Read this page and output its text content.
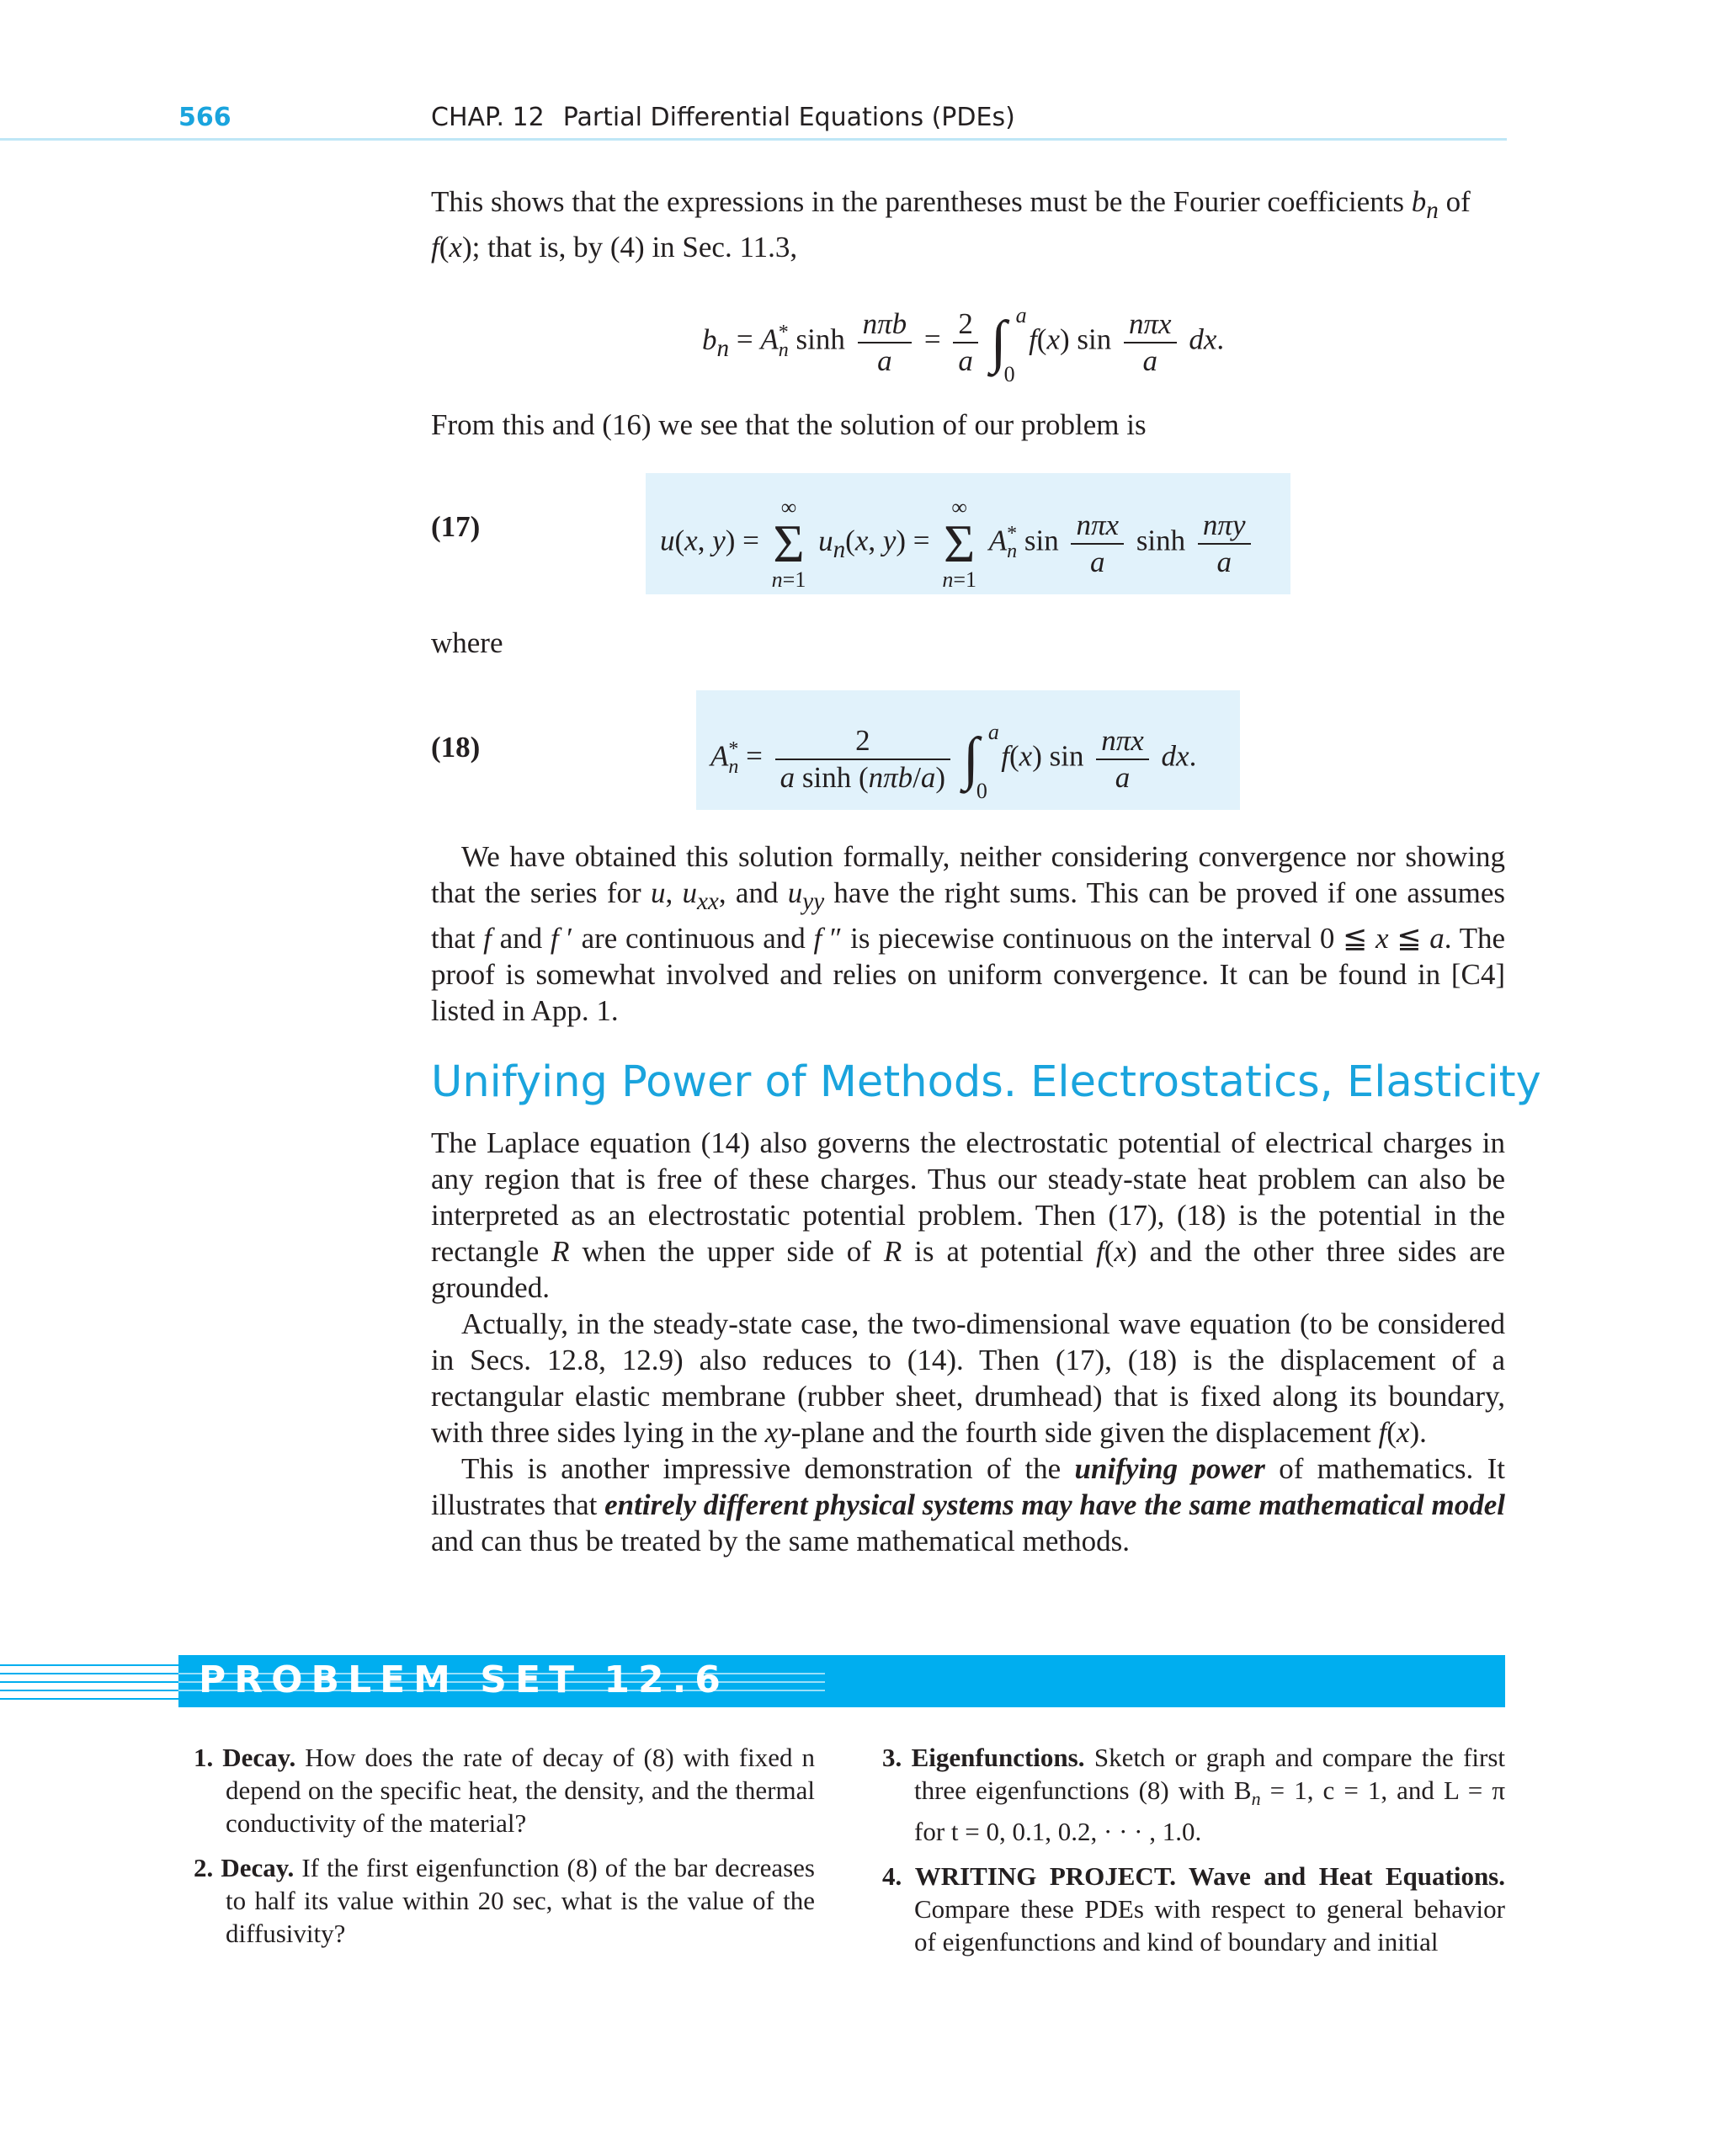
566	CHAP. 12 Partial Differential Equations (PDEs)

This shows that the expressions in the parentheses must be the Fourier coefficients $b_n$ of
f(x); that is, by (4) in Sec. 11.3,

$b_n = A^*_n$ $\sinh \frac{\text{nπb}}{a} = \frac{2}{a}$ ∫ a
0
f(x) $\sin \frac{\text{nπx}}{a}$ dx.
From this and (16) we see that the solution of our problem is
(17)	u(x, y) =
∞
Σ
n=1
$u_n(x$, y) =
∞
Σ
n=1
$A^*_n$ $\sin \frac{\text{nπx}}{a}$ $\sinh \frac{\text{nπy}}{a}$
where
(18)	$A^*_n = \frac{2}{\text{a sinh (nπb/a)}}$ ∫ a
0
f(x) $\sin \frac{\text{nπx}}{a}$ dx.

We have obtained this solution formally, neither considering convergence nor showing that the series for u, $u_{xx}$, and $u_{yy}$ have the right sums. This can be proved if one assumes that f and f ′ are continuous and f ″ is piecewise continuous on the interval 0 ≦ x ≦ a. The proof is somewhat involved and relies on uniform convergence. It can be found in [C4] listed in App. 1.

Unifying Power of Methods. Electrostatics, Elasticity

The Laplace equation (14) also governs the electrostatic potential of electrical charges in any region that is free of these charges. Thus our steady-state heat problem can also be interpreted as an electrostatic potential problem. Then (17), (18) is the potential in the rectangle R when the upper side of R is at potential f(x) and the other three sides are grounded.

Actually, in the steady-state case, the two-dimensional wave equation (to be considered in Secs. 12.8, 12.9) also reduces to (14). Then (17), (18) is the displacement of a rectangular elastic membrane (rubber sheet, drumhead) that is fixed along its boundary, with three sides lying in the xy-plane and the fourth side given the displacement f(x).

This is another impressive demonstration of the unifying power of mathematics. It illustrates that entirely different physical systems may have the same mathematical model and can thus be treated by the same mathematical methods.

PROBLEM SET 12.6

1. Decay. How does the rate of decay of (8) with fixed n depend on the specific heat, the density, and the thermal conductivity of the material?

2. Decay. If the first eigenfunction (8) of the bar decreases to half its value within 20 sec, what is the value of the diffusivity?

3. Eigenfunctions. Sketch or graph and compare the first three eigenfunctions (8) with $B_n = 1$, c = 1, and L = π for t = 0, 0.1, 0.2, · · · , 1.0.

4. WRITING PROJECT. Wave and Heat Equations. Compare these PDEs with respect to general behavior of eigenfunctions and kind of boundary and initial
